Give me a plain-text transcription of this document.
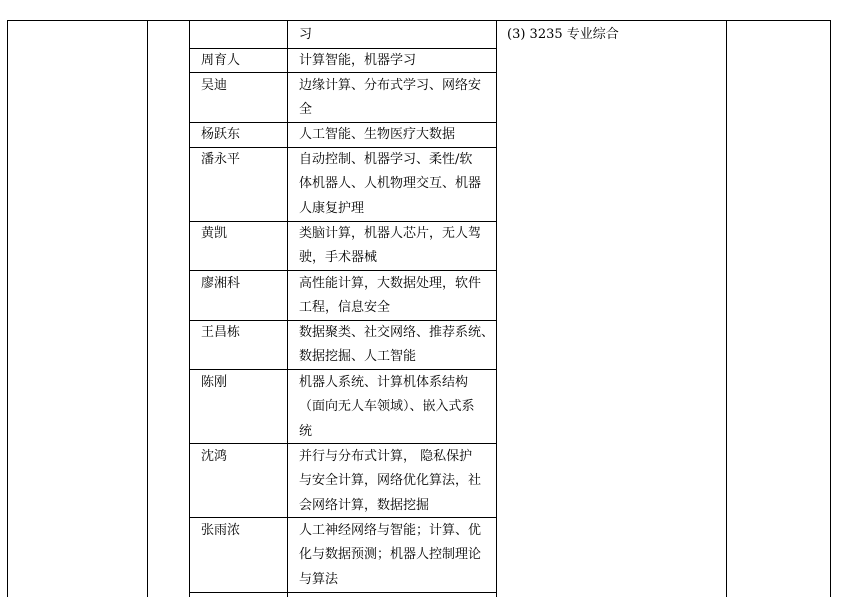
习
周育人	计算智能，机器学习
吴迪	边缘计算、分布式学习、网络安
全
杨跃东	人工智能、生物医疗大数据
潘永平	自动控制、机器学习、柔性/软
体机器人、人机物理交互、机器
人康复护理
黄凯	类脑计算，机器人芯片，无人驾
驶，手术器械
廖湘科	高性能计算，大数据处理，软件
工程，信息安全
王昌栋	数据聚类、社交网络、推荐系统、
数据挖掘、人工智能
陈刚	机器人系统、计算机体系结构
（面向无人车领域）、嵌入式系
统
沈鸿	并行与分布式计算， 隐私保护
与安全计算，网络优化算法，社
会网络计算，数据挖掘
张雨浓	人工神经网络与智能；计算、优
化与数据预测；机器人控制理论
与算法
(3) 3235 专业综合
